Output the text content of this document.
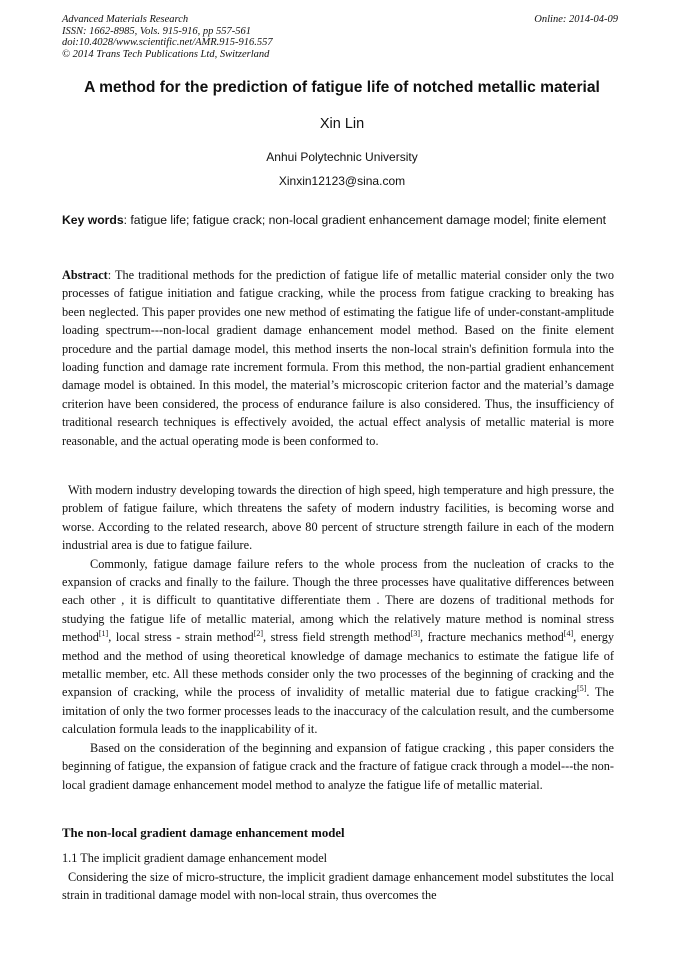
Advanced Materials Research
ISSN: 1662-8985, Vols. 915-916, pp 557-561
doi:10.4028/www.scientific.net/AMR.915-916.557
© 2014 Trans Tech Publications Ltd, Switzerland
Online: 2014-04-09
A method for the prediction of fatigue life of notched metallic material
Xin Lin
Anhui Polytechnic University
Xinxin12123@sina.com
Key words: fatigue life; fatigue crack; non-local gradient enhancement damage model; finite element

Abstract: The traditional methods for the prediction of fatigue life of metallic material consider only the two processes of fatigue initiation and fatigue cracking, while the process from fatigue cracking to breaking has been neglected. This paper provides one new method of estimating the fatigue life of under-constant-amplitude loading spectrum---non-local gradient damage enhancement model method. Based on the finite element procedure and the partial damage model, this method inserts the non-local strain's definition formula into the loading function and damage rate increment formula. From this method, the non-partial gradient enhancement damage model is obtained. In this model, the material’s microscopic criterion factor and the material’s damage criterion have been considered, the process of endurance failure is also considered. Thus, the insufficiency of traditional research techniques is effectively avoided, the actual effect analysis of metallic material is more reasonable, and the actual operating mode is been conformed to.

With modern industry developing towards the direction of high speed, high temperature and high pressure, the problem of fatigue failure, which threatens the safety of modern industry facilities, is becoming worse and worse. According to the related research, above 80 percent of structure strength failure in each of the modern industrial area is due to fatigue failure.

Commonly, fatigue damage failure refers to the whole process from the nucleation of cracks to the expansion of cracks and finally to the failure. Though the three processes have qualitative differences between each other , it is difficult to quantitative differentiate them . There are dozens of traditional methods for studying the fatigue life of metallic material, among which the relatively mature method is nominal stress method[1], local stress - strain method[2], stress field strength method[3], fracture mechanics method[4], energy method and the method of using theoretical knowledge of damage mechanics to estimate the fatigue life of metallic member, etc. All these methods consider only the two processes of the beginning of cracking and the expansion of cracking, while the process of invalidity of metallic material due to fatigue cracking[5]. The imitation of only the two former processes leads to the inaccuracy of the calculation result, and the cumbersome calculation formula leads to the inapplicability of it.

Based on the consideration of the beginning and expansion of fatigue cracking , this paper considers the beginning of fatigue, the expansion of fatigue crack and the fracture of fatigue crack through a model---the non-local gradient damage enhancement model method to analyze the fatigue life of metallic material.

The non-local gradient damage enhancement model
1.1 The implicit gradient damage enhancement model

Considering the size of micro-structure, the implicit gradient damage enhancement model substitutes the local strain in traditional damage model with non-local strain, thus overcomes the
